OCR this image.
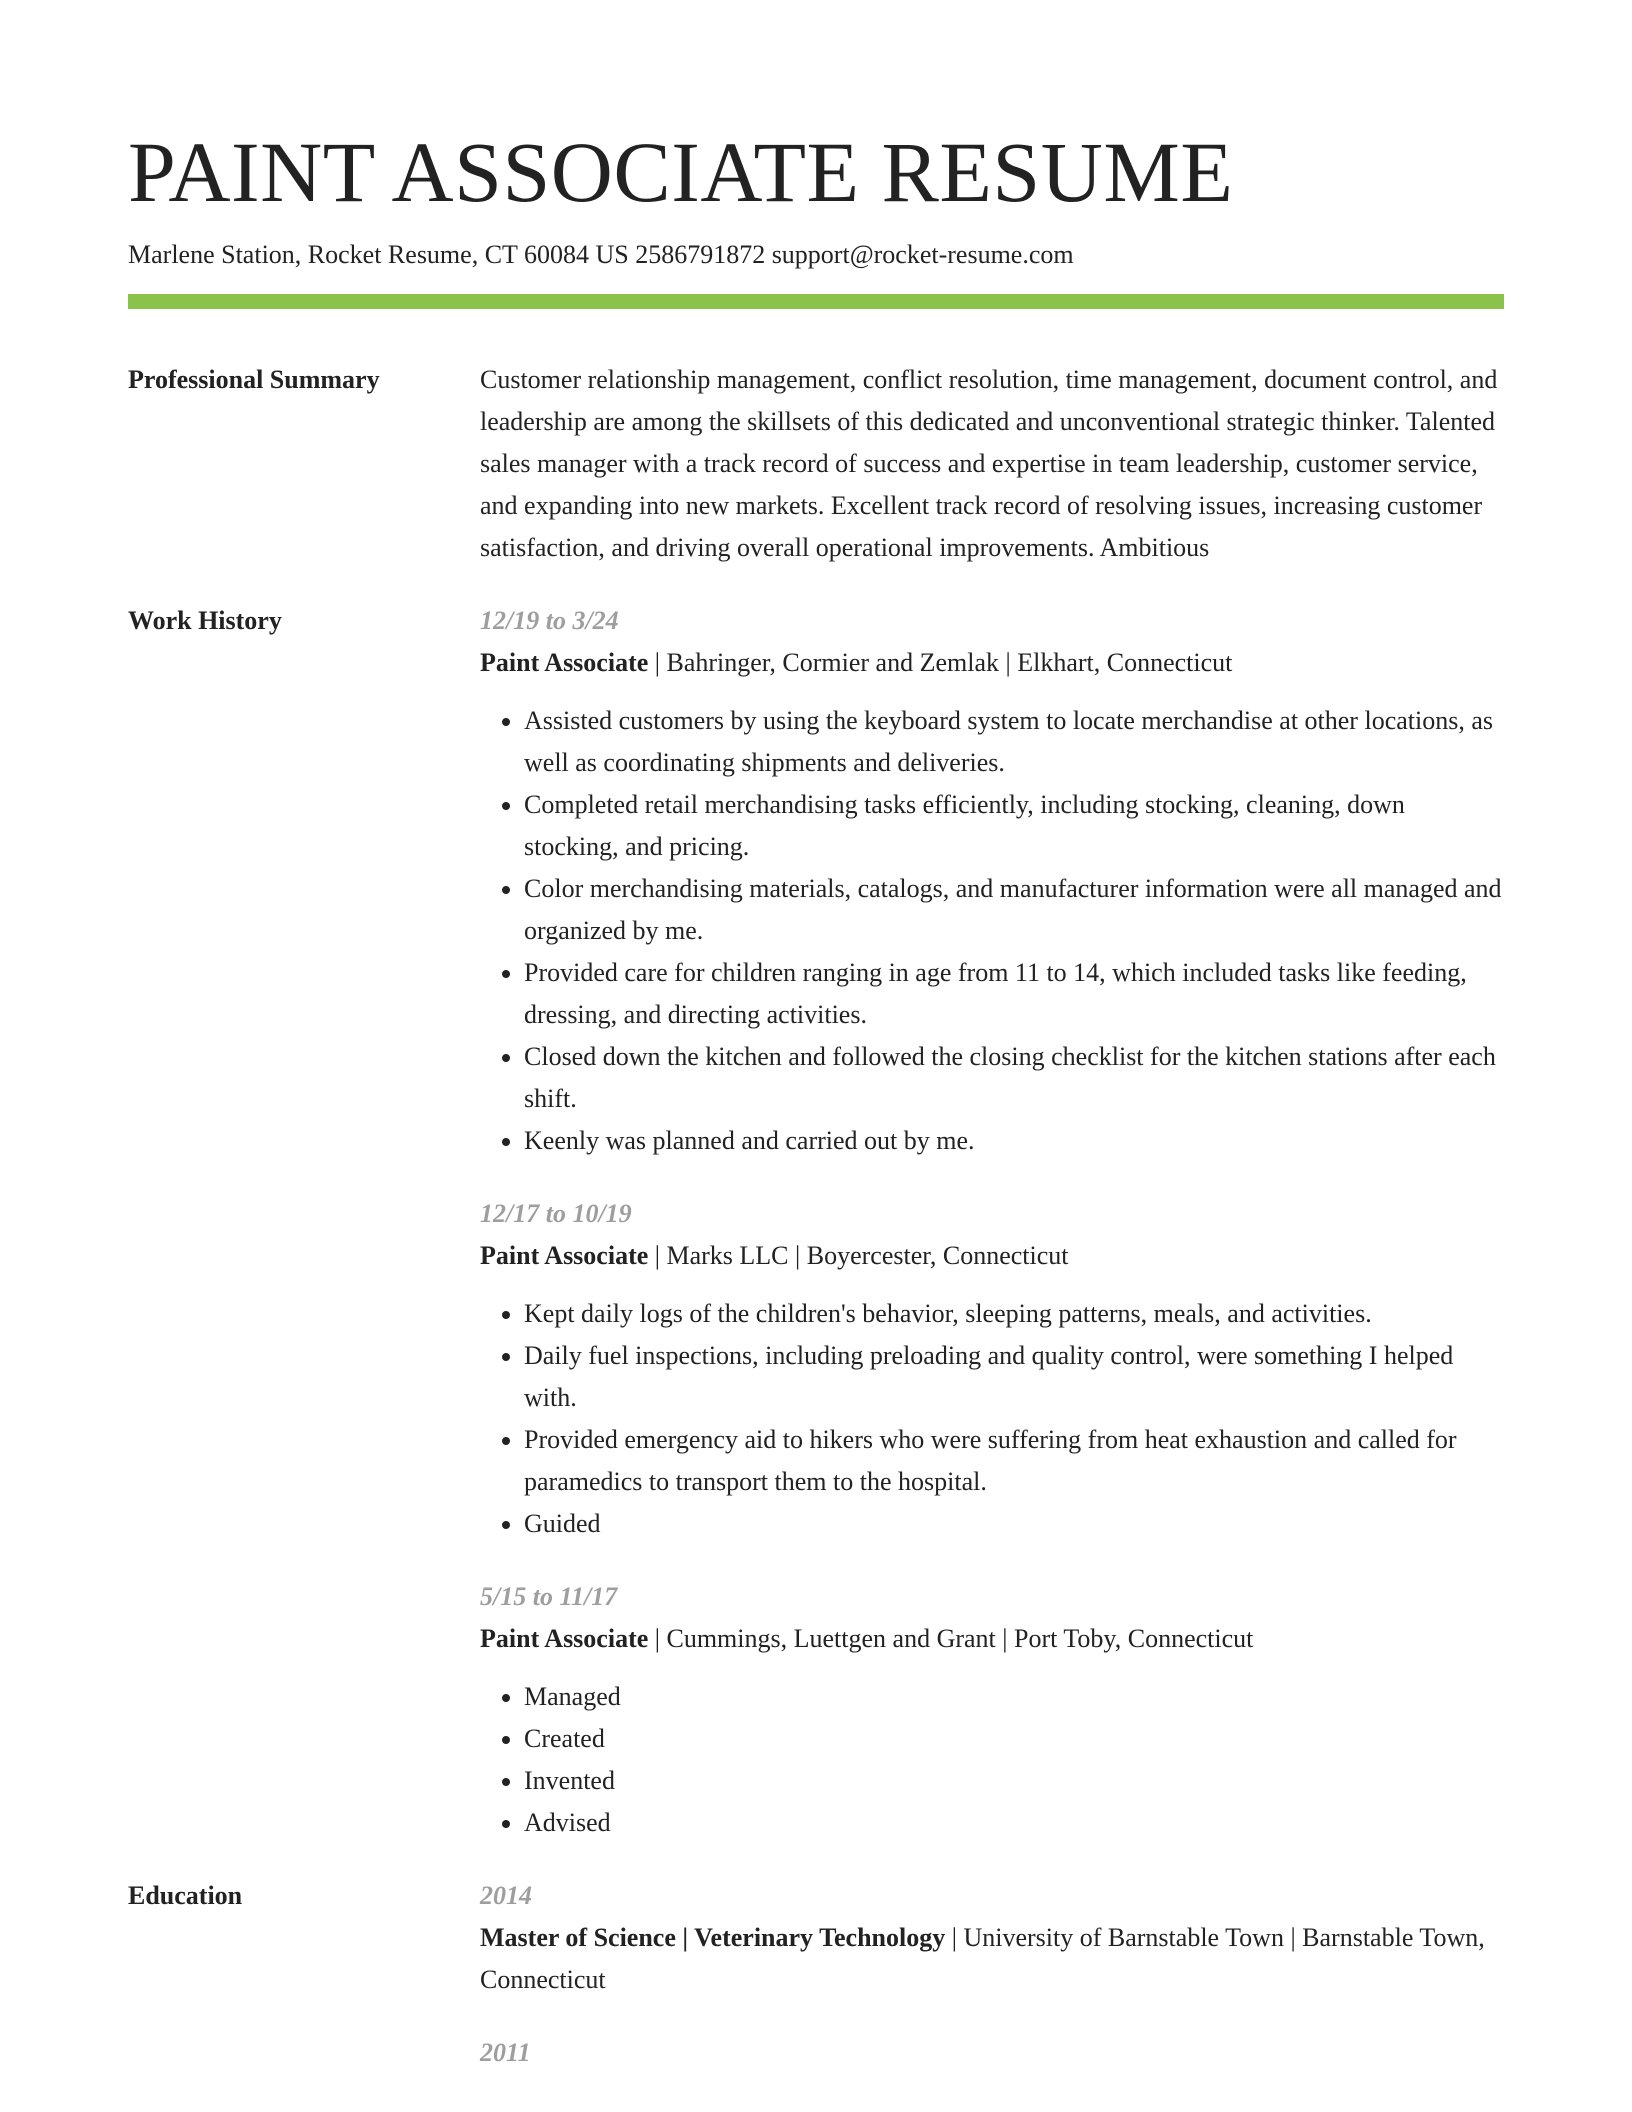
PAINT ASSOCIATE RESUME
Marlene Station, Rocket Resume, CT 60084 US 2586791872 support@rocket-resume.com
Professional Summary	Customer relationship management, conflict resolution, time management, document control, and leadership are among the skillsets of this dedicated and unconventional strategic thinker. Talented sales manager with a track record of success and expertise in team leadership, customer service, and expanding into new markets. Excellent track record of resolving issues, increasing customer satisfaction, and driving overall operational improvements. Ambitious
Work History	12/19 to 3/24
Paint Associate | Bahringer, Cormier and Zemlak | Elkhart, Connecticut
• Assisted customers by using the keyboard system to locate merchandise at other locations, as well as coordinating shipments and deliveries.
• Completed retail merchandising tasks efficiently, including stocking, cleaning, down stocking, and pricing.
• Color merchandising materials, catalogs, and manufacturer information were all managed and organized by me.
• Provided care for children ranging in age from 11 to 14, which included tasks like feeding, dressing, and directing activities.
• Closed down the kitchen and followed the closing checklist for the kitchen stations after each shift.
• Keenly was planned and carried out by me.
12/17 to 10/19
Paint Associate | Marks LLC | Boyercester, Connecticut
• Kept daily logs of the children's behavior, sleeping patterns, meals, and activities.
• Daily fuel inspections, including preloading and quality control, were something I helped with.
• Provided emergency aid to hikers who were suffering from heat exhaustion and called for paramedics to transport them to the hospital.
• Guided
5/15 to 11/17
Paint Associate | Cummings, Luettgen and Grant | Port Toby, Connecticut
• Managed
• Created
• Invented
• Advised
Education	2014
Master of Science | Veterinary Technology | University of Barnstable Town | Barnstable Town, Connecticut
2011
